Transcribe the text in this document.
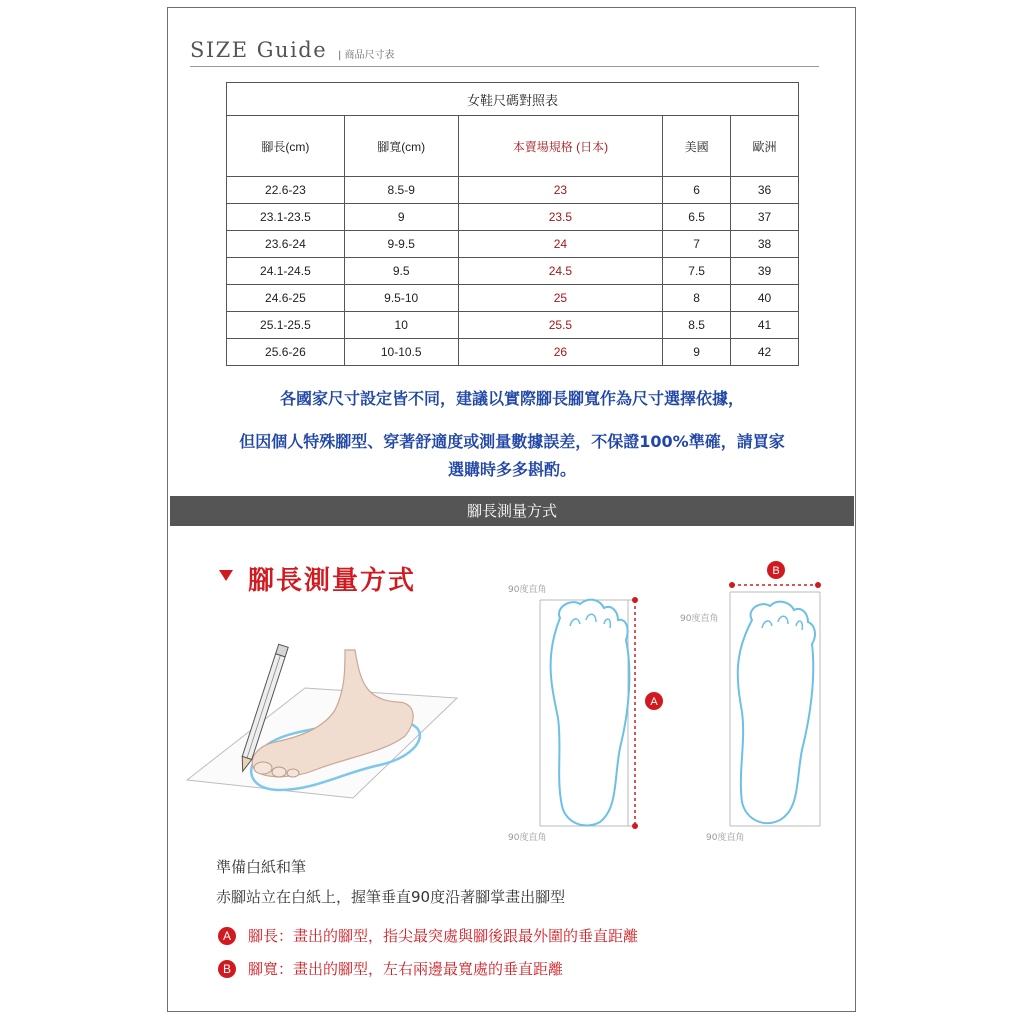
SIZE Guide | 商品尺寸表
女鞋尺碼對照表				
腳長(cm)	腳寬(cm)	本賣場規格 (日本)	美國	歐洲
22.6-23	8.5-9	23	6	36
23.1-23.5	9	23.5	6.5	37
23.6-24	9-9.5	24	7	38
24.1-24.5	9.5	24.5	7.5	39
24.6-25	9.5-10	25	8	40
25.1-25.5	10	25.5	8.5	41
25.6-26	10-10.5	26	9	42
各國家尺寸設定皆不同，建議以實際腳長腳寬作為尺寸選擇依據，
但因個人特殊腳型、穿著舒適度或測量數據誤差，不保證100%準確，請買家
選購時多多斟酌。
腳長測量方式
腳長測量方式	90度直角
A
90度直角
B
90度直角
90度直角
準備白紙和筆
赤腳站立在白紙上，握筆垂直90度沿著腳掌畫出腳型
A 腳長：畫出的腳型，指尖最突處與腳後跟最外圍的垂直距離
B 腳寬：畫出的腳型，左右兩邊最寬處的垂直距離
